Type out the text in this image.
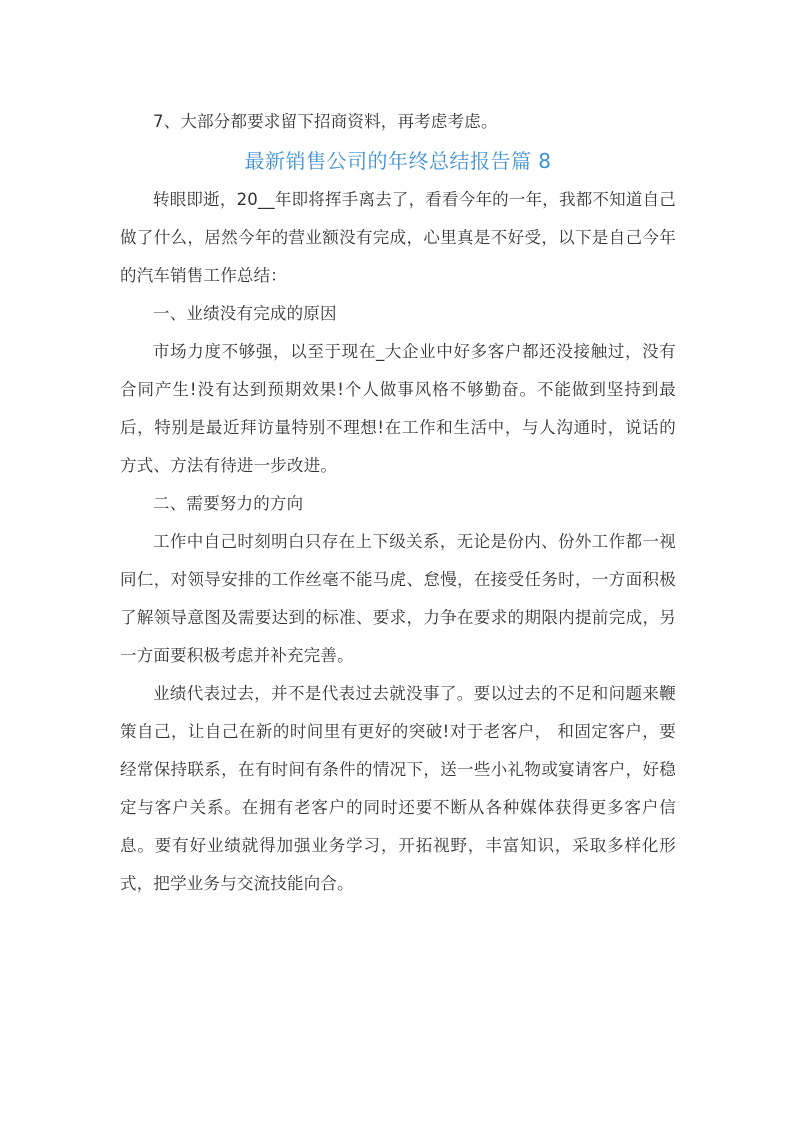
7、大部分都要求留下招商资料，再考虑考虑。

最新销售公司的年终总结报告篇 8

转眼即逝，20__年即将挥手离去了，看看今年的一年，我都不知道自己做了什么，居然今年的营业额没有完成，心里真是不好受，以下是自己今年的汽车销售工作总结：

一、业绩没有完成的原因

市场力度不够强，以至于现在_大企业中好多客户都还没接触过，没有合同产生!没有达到预期效果!个人做事风格不够勤奋。不能做到坚持到最后，特别是最近拜访量特别不理想!在工作和生活中，与人沟通时，说话的方式、方法有待进一步改进。

二、需要努力的方向

工作中自己时刻明白只存在上下级关系，无论是份内、份外工作都一视同仁，对领导安排的工作丝毫不能马虎、怠慢，在接受任务时，一方面积极了解领导意图及需要达到的标准、要求，力争在要求的期限内提前完成，另一方面要积极考虑并补充完善。

业绩代表过去，并不是代表过去就没事了。要以过去的不足和问题来鞭策自己，让自己在新的时间里有更好的突破!对于老客户， 和固定客户，要经常保持联系，在有时间有条件的情况下，送一些小礼物或宴请客户，好稳定与客户关系。在拥有老客户的同时还要不断从各种媒体获得更多客户信息。要有好业绩就得加强业务学习，开拓视野，丰富知识，采取多样化形式，把学业务与交流技能向合。
